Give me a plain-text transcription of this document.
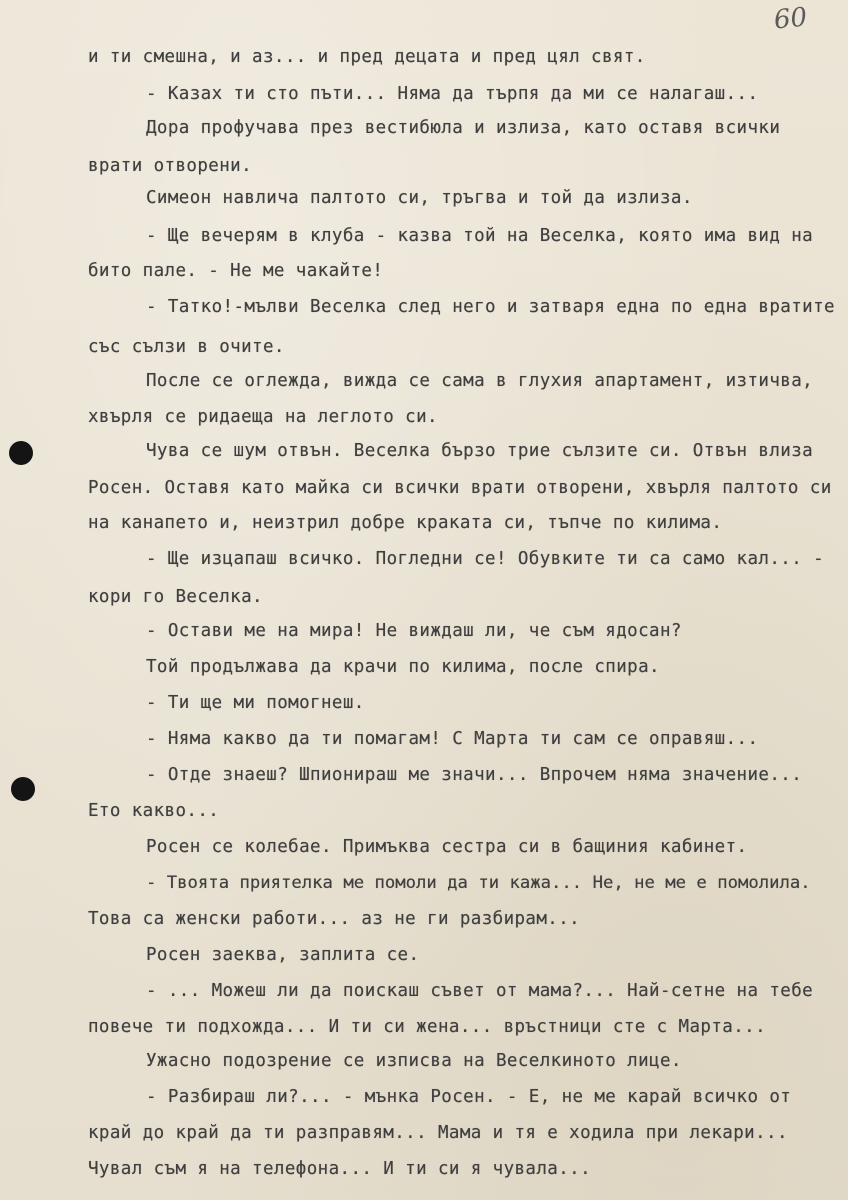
60
и ти смешна, и аз... и пред децата и пред цял свят.
- Казах ти сто пъти... Няма да търпя да ми се налагаш...
Дора профучава през вестибюла и излиза, като оставя всички
врати отворени.
Симеон навлича палтото си, тръгва и той да излиза.
- Ще вечерям в клуба - казва той на Веселка, която има вид на
бито пале. - Не ме чакайте!
- Татко!-мълви Веселка след него и затваря една по една вратите
със сълзи в очите.
После се оглежда, вижда се сама в глухия апартамент, изтичва,
хвърля се ридаеща на леглото си.
Чува се шум отвън. Веселка бързо трие сълзите си. Отвън влиза
Росен. Оставя като майка си всички врати отворени, хвърля палтото си
на канапето и, неизтрил добре краката си, тъпче по килима.
- Ще изцапаш всичко. Погледни се! Обувките ти са само кал... -
кори го Веселка.
- Остави ме на мира! Не виждаш ли, че съм ядосан?
Той продължава да крачи по килима, после спира.
- Ти ще ми помогнеш.
- Няма какво да ти помагам! С Марта ти сам се оправяш...
- Отде знаеш? Шпионираш ме значи... Впрочем няма значение...
Ето какво...
Росен се колебае. Примъква сестра си в бащиния кабинет.
- Твоята приятелка ме помоли да ти кажа... Не, не ме е помолила.
Това са женски работи... аз не ги разбирам...
Росен заеква, заплита се.
- ... Можеш ли да поискаш съвет от мама?... Най-сетне на тебе
повече ти подхожда... И ти си жена... връстници сте с Марта...
Ужасно подозрение се изписва на Веселкиното лице.
- Разбираш ли?... - мънка Росен. - Е, не ме карай всичко от
край до край да ти разправям... Мама и тя е ходила при лекари...
Чувал съм я на телефона... И ти си я чувала...
